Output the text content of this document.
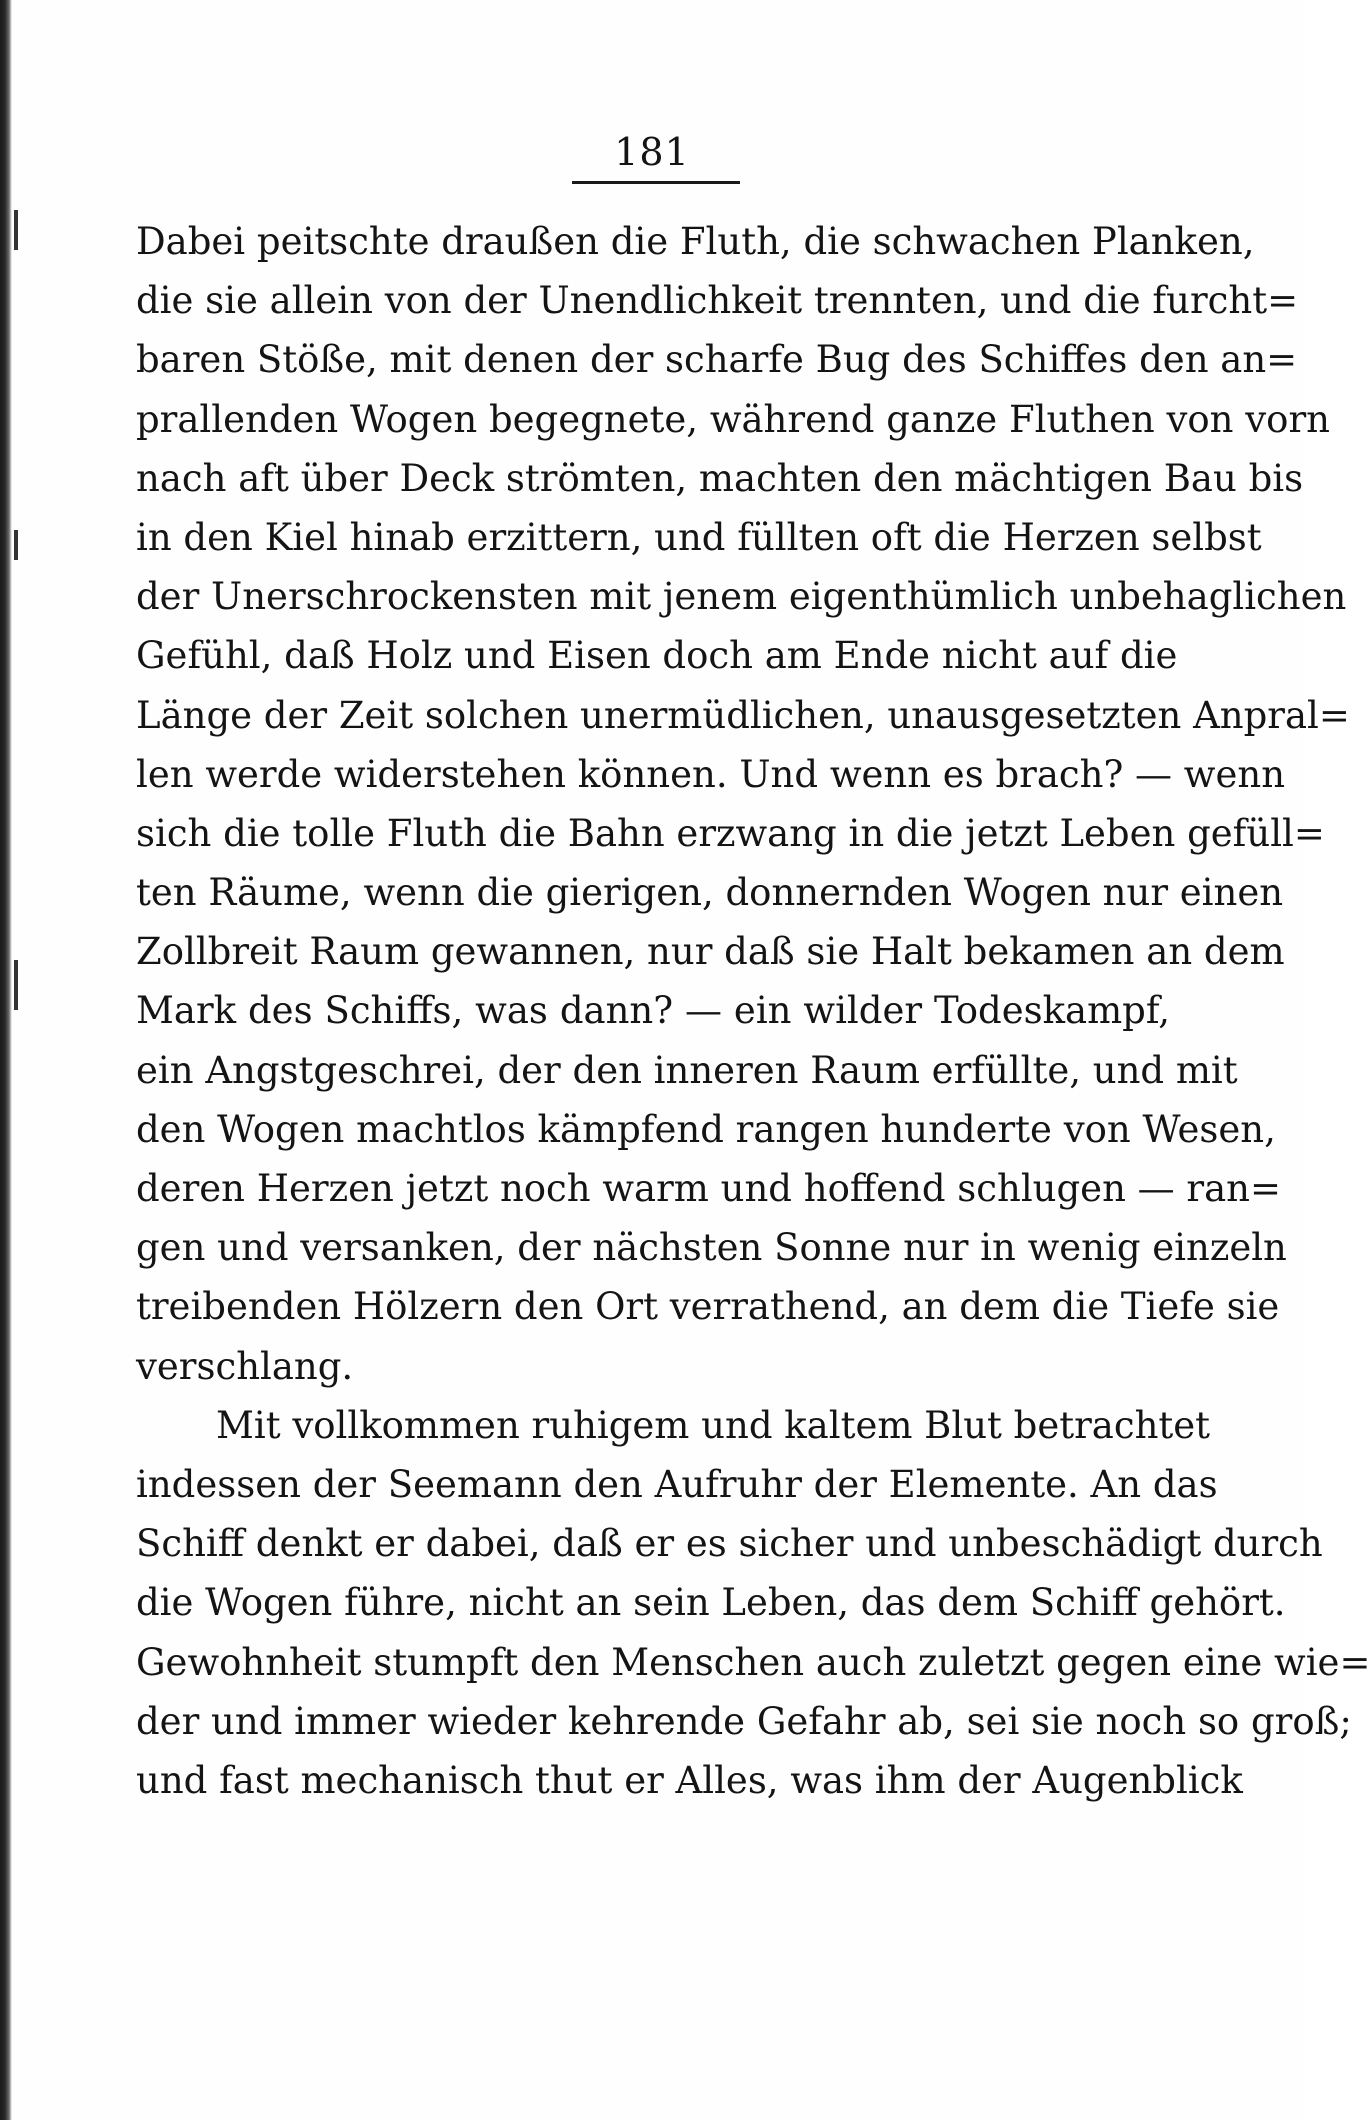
181
Dabei peitschte draußen die Fluth, die schwachen Planken,
die sie allein von der Unendlichkeit trennten, und die furcht=
baren Stöße, mit denen der scharfe Bug des Schiffes den an=
prallenden Wogen begegnete, während ganze Fluthen von vorn
nach aft über Deck strömten, machten den mächtigen Bau bis
in den Kiel hinab erzittern, und füllten oft die Herzen selbst
der Unerschrockensten mit jenem eigenthümlich unbehaglichen
Gefühl, daß Holz und Eisen doch am Ende nicht auf die
Länge der Zeit solchen unermüdlichen, unausgesetzten Anpral=
len werde widerstehen können. Und wenn es brach? — wenn
sich die tolle Fluth die Bahn erzwang in die jetzt Leben gefüll=
ten Räume, wenn die gierigen, donnernden Wogen nur einen
Zollbreit Raum gewannen, nur daß sie Halt bekamen an dem
Mark des Schiffs, was dann? — ein wilder Todeskampf,
ein Angstgeschrei, der den inneren Raum erfüllte, und mit
den Wogen machtlos kämpfend rangen hunderte von Wesen,
deren Herzen jetzt noch warm und hoffend schlugen — ran=
gen und versanken, der nächsten Sonne nur in wenig einzeln
treibenden Hölzern den Ort verrathend, an dem die Tiefe sie
verschlang.
Mit vollkommen ruhigem und kaltem Blut betrachtet
indessen der Seemann den Aufruhr der Elemente. An das
Schiff denkt er dabei, daß er es sicher und unbeschädigt durch
die Wogen führe, nicht an sein Leben, das dem Schiff gehört.
Gewohnheit stumpft den Menschen auch zuletzt gegen eine wie=
der und immer wieder kehrende Gefahr ab, sei sie noch so groß;
und fast mechanisch thut er Alles, was ihm der Augenblick
